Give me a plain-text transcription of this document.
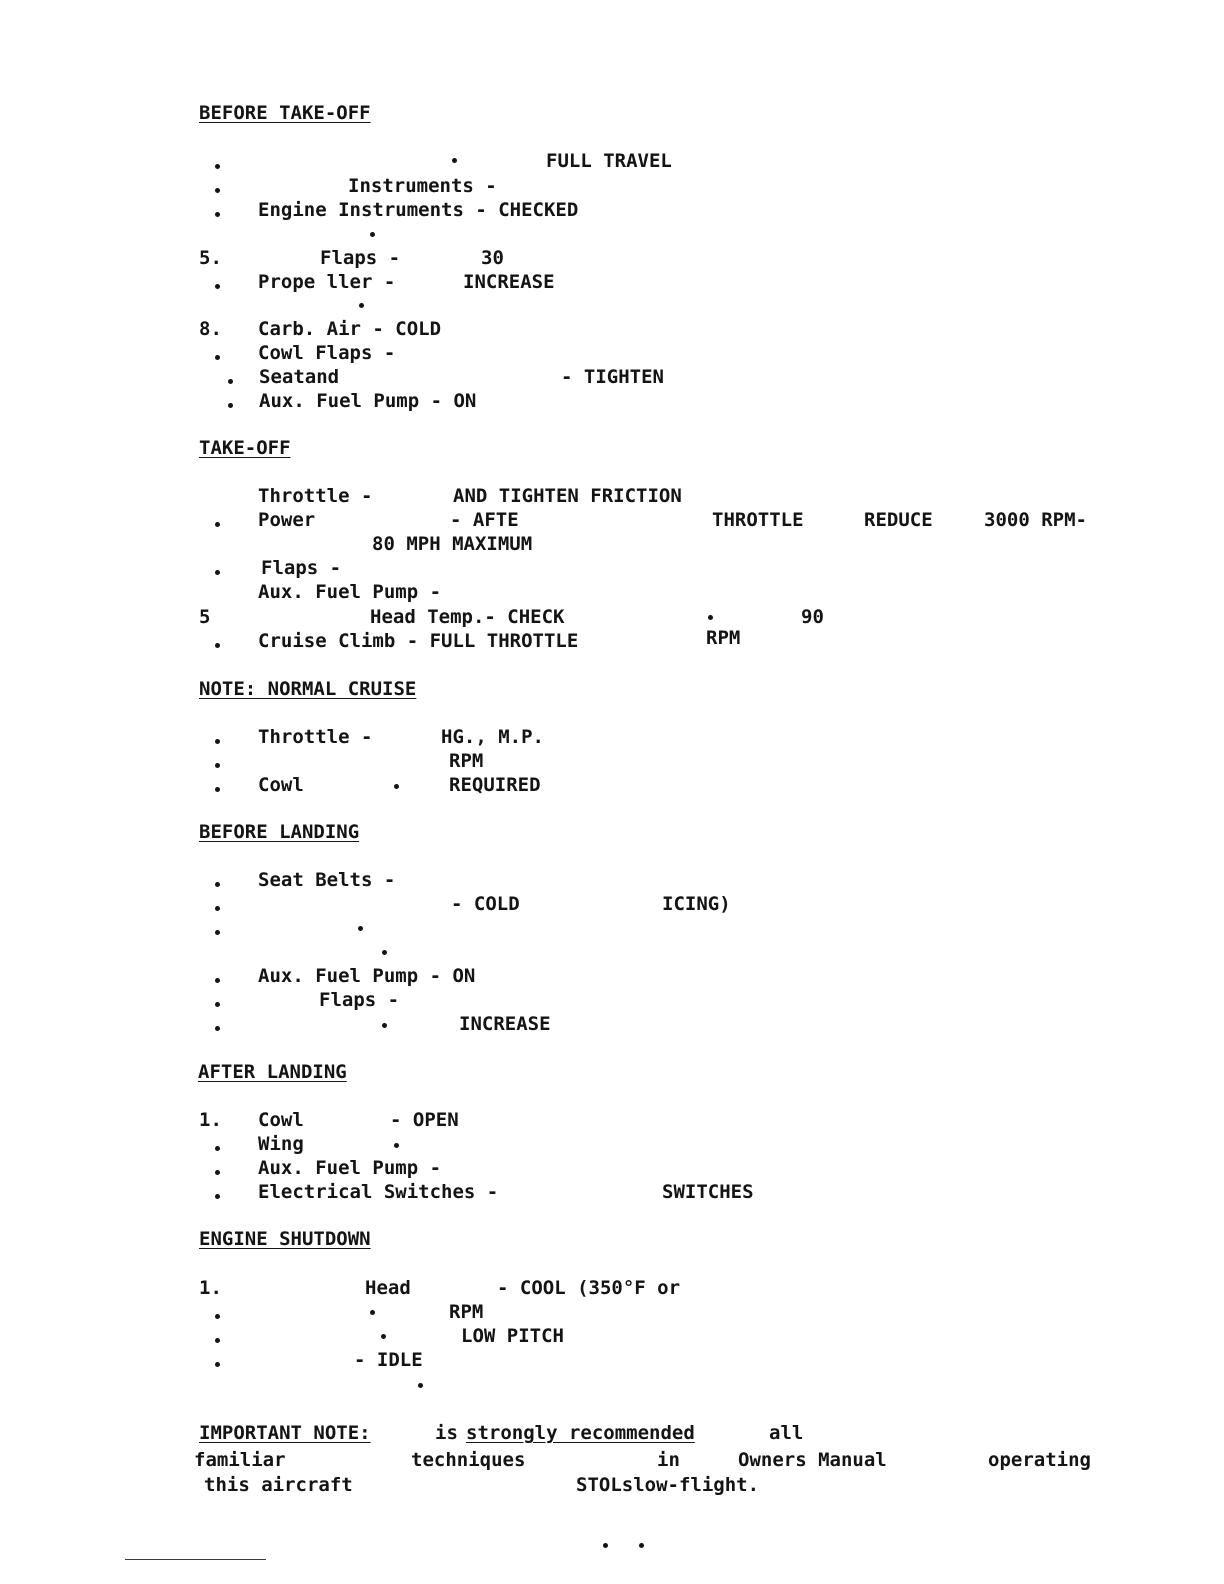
BEFORE TAKE-OFF
FULL TRAVEL
Instruments -
Engine Instruments - CHECKED
5.	Flaps -	30
Prope ller -	INCREASE
8. Carb. Air - COLD
Cowl Flaps -
Seatand	- TIGHTEN
Aux. Fuel Pump - ON
TAKE-OFF
Throttle -	AND TIGHTEN FRICTION
Power	- AFTE	THROTTLE	REDUCE	3000 RPM-
80 MPH MAXIMUM
Flaps -
Aux. Fuel Pump -
5	Head Temp.- CHECK	90
Cruise Climb - FULL THROTTLE	RPM
NOTE: NORMAL CRUISE
Throttle -	HG., M.P.
RPM
Cowl	REQUIRED
BEFORE LANDING
Seat Belts -
- COLD	ICING)
Aux. Fuel Pump - ON
Flaps -
INCREASE
AFTER LANDING
1. Cowl	- OPEN
Wing
Aux. Fuel Pump -
Electrical Switches -	SWITCHES
ENGINE SHUTDOWN
1.	Head	- COOL (350°F or
RPM
LOW PITCH
- IDLE
IMPORTANT NOTE:	is strongly recommended	all
familiar	techniques	in	Owners Manual	operating
this aircraft	STOLslow-flight.
